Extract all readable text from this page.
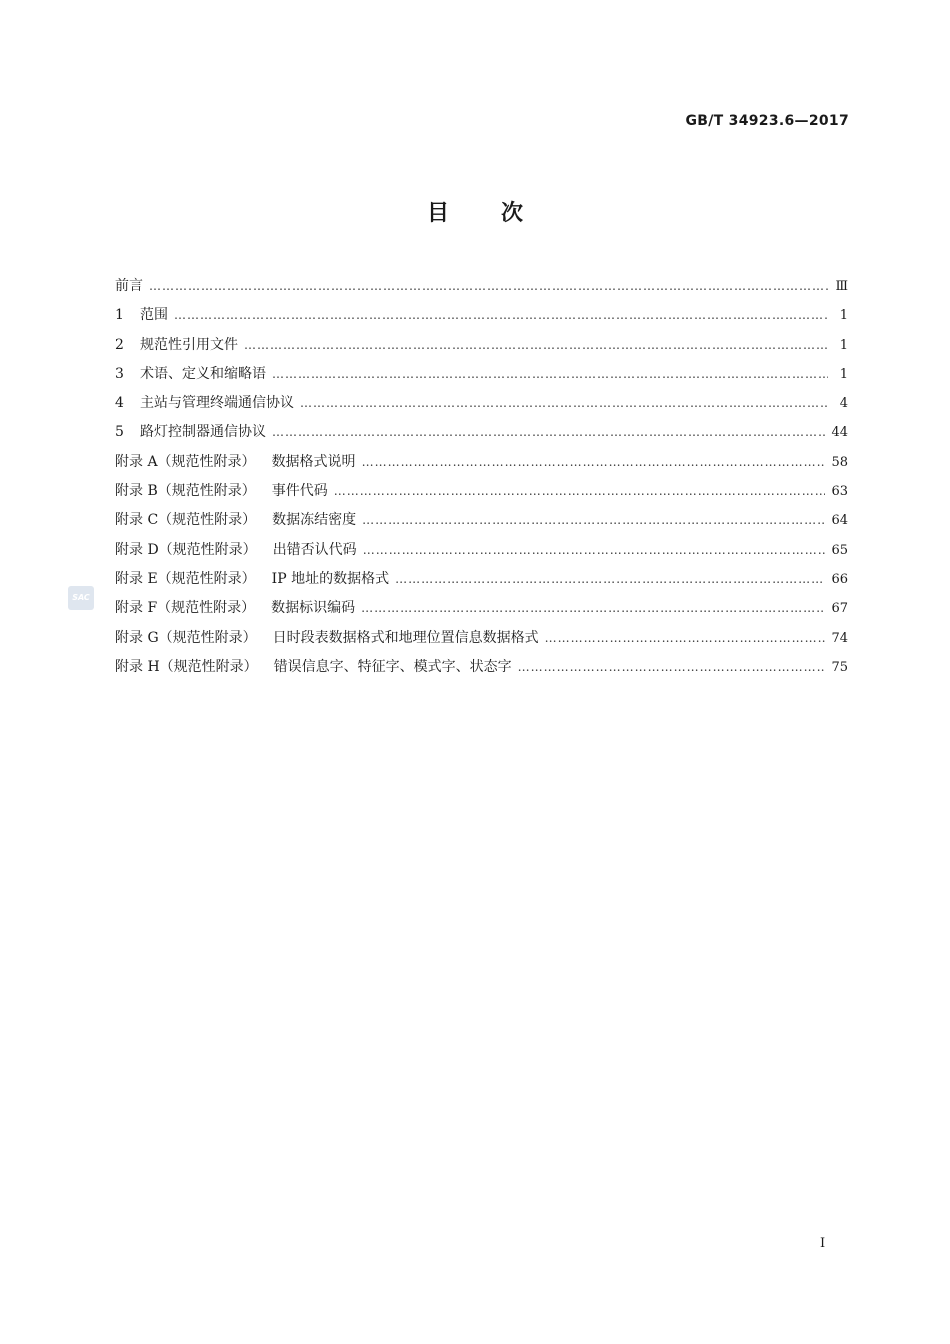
GB/T 34923.6—2017
目次
前言 ………………………………………………………………………………………………………………………………………………………………	Ⅲ
1 范围 ………………………………………………………………………………………………………………………………………………………………	1
2 规范性引用文件 ………………………………………………………………………………………………………………………………………………………………	1
3 术语、定义和缩略语 ………………………………………………………………………………………………………………………………………………………………	1
4 主站与管理终端通信协议 ………………………………………………………………………………………………………………………………………………………………	4
5 路灯控制器通信协议 ………………………………………………………………………………………………………………………………………………………………	44
附录 A（规范性附录） 数据格式说明 ………………………………………………………………………………………………………………………………………………………………	58
附录 B（规范性附录） 事件代码 ………………………………………………………………………………………………………………………………………………………………	63
附录 C（规范性附录） 数据冻结密度 ………………………………………………………………………………………………………………………………………………………………	64
附录 D（规范性附录） 出错否认代码 ………………………………………………………………………………………………………………………………………………………………	65
附录 E（规范性附录） IP 地址的数据格式 ………………………………………………………………………………………………………………………………………………………………	66
附录 F（规范性附录） 数据标识编码 ………………………………………………………………………………………………………………………………………………………………	67
附录 G（规范性附录） 日时段表数据格式和地理位置信息数据格式 ………………………………………………………………………………………………………………………………………………………………	74
附录 H（规范性附录） 错误信息字、特征字、模式字、状态字 ………………………………………………………………………………………………………………………………………………………………	75
SAC
I
